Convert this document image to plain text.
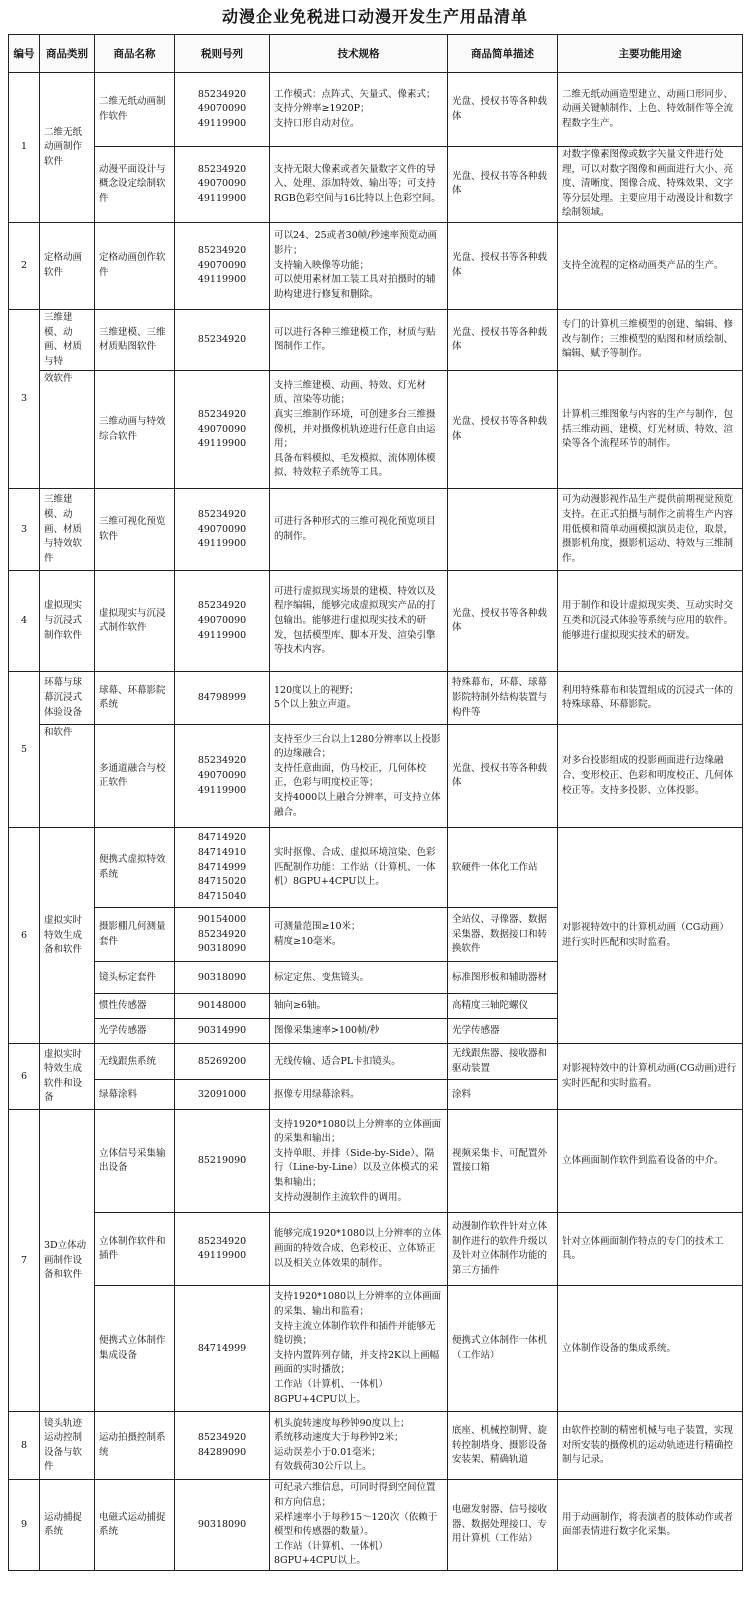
动漫企业免税进口动漫开发生产用品清单
编号	商品类别	商品名称	税则号列	技术规格	商品简单描述	主要功能用途
1	二维无纸动画制作软件	二维无纸动画制作软件	85234920
49070090
49119900	工作模式：点阵式、矢量式、像素式；
支持分辨率≥1920P；
支持口形自动对位。	光盘、授权书等各种载体	二维无纸动画造型建立、动画口形同步、动画关键帧制作、上色、特效制作等全流程数字生产。
		动漫平面设计与概念设定绘制软件	85234920
49070090
49119900	支持无限大像素或者矢量数字文件的导入、处理、添加特效、输出等；可支持RGB色彩空间与16比特以上色彩空间。	光盘、授权书等各种载体	对数字像素图像或数字矢量文件进行处理，可以对数字图像和画面进行大小、亮度、清晰度、图像合成、特殊效果、文字等分层处理。主要应用于动漫设计和数字绘制领域。
2	定格动画软件	定格动画创作软件	85234920
49070090
49119900	可以24、25或者30帧/秒速率预览动画影片；
支持输入映像等功能；
可以使用素材加工装工具对拍摄时的辅助构建进行修复和删除。	光盘、授权书等各种载体	支持全流程的定格动画类产品的生产。
3	三维建模、动画、材质与特	三维建模、三维材质贴图软件	85234920	可以进行各种三维建模工作，材质与贴图制作工作。	光盘、授权书等各种载体	专门的计算机三维模型的创建、编辑、修改与制作；三维模型的贴图和材质绘制、编辑、赋予等制作。
	效软件	三维动画与特效综合软件	85234920
49070090
49119900	支持三维建模、动画、特效、灯光材质、渲染等功能；
真实三维制作环境，可创建多台三维摄像机，并对摄像机轨迹进行任意自由运用；
具备布料模拟、毛发模拟、流体刚体模拟、特效粒子系统等工具。	光盘、授权书等各种载体	计算机三维图象与内容的生产与制作，包括三维动画、建模、灯光材质、特效、渲染等各个流程环节的制作。
3	三维建模、动画、材质与特效软件	三维可视化预览软件	85234920
49070090
49119900	可进行各种形式的三维可视化预览项目的制作。		可为动漫影视作品生产提供前期视觉预览支持。在正式拍摄与制作之前将生产内容用低模和简单动画模拟演员走位，取景，摄影机角度，摄影机运动、特效与三维制作。
4	虚拟现实与沉浸式制作软件	虚拟现实与沉浸式制作软件	85234920
49070090
49119900	可进行虚拟现实场景的建模、特效以及程序编辑，能够完成虚拟现实产品的打包输出。能够进行虚拟现实技术的研发，包括模型库、脚本开发、渲染引擎等技术内容。	光盘、授权书等各种载体	用于制作和设计虚拟现实类、互动实时交互类和沉浸式体验等系统与应用的软件。能够进行虚拟现实技术的研发。
5	环幕与球幕沉浸式体验设备	球幕、环幕影院系统	84798999	120度以上的视野；
5个以上独立声道。	特殊幕布，环幕、球幕影院特制外结构装置与构件等	利用特殊幕布和装置组成的沉浸式一体的特殊球幕、环幕影院。
	和软件	多通道融合与校正软件	85234920
49070090
49119900	支持至少三台以上1280分辨率以上投影的边缘融合；
支持任意曲面，伪马校正，几何体校正，色彩与明度校正等；
支持4000以上融合分辨率，可支持立体融合。	光盘、授权书等各种载体	对多台投影组成的投影画面进行边缘融合、变形校正、色彩和明度校正、几何体校正等。支持多投影、立体投影。
6	虚拟实时特效生成备和软件	便携式虚拟特效系统	84714920
84714910
84714999
84715020
84715040	实时抠像、合成、虚拟环境渲染、色彩匹配制作功能：工作站（计算机、一体机）8GPU+4CPU以上。	软硬件一体化工作站	对影视特效中的计算机动画（CG动画）进行实时匹配和实时监看。
		摄影棚几何测量套件	90154000
85234920
90318090	可测量范围≥10米；
精度≥10毫米。	全站仪、寻像器、数据采集器、数据接口和转换软件	
		镜头标定套件	90318090	标定定焦、变焦镜头。	标准图形板和辅助器材	
		惯性传感器	90148000	轴向≥6轴。	高精度三轴陀螺仪	
		光学传感器	90314990	图像采集速率>100帧/秒	光学传感器	
6	虚拟实时特效生成软件和设备	无线跟焦系统	85269200	无线传输、适合PL卡扣镜头。	无线跟焦器、接收器和驱动装置	对影视特效中的计算机动画(CG动画)进行实时匹配和实时监看。
		绿幕涂料	32091000	抠像专用绿幕涂料。	涂料	
7	3D立体动画制作设备和软件	立体信号采集输出设备	85219090	支持1920*1080以上分辨率的立体画面的采集和输出；
支持单眼、并排（Side-by-Side）、隔行（Line-by-Line）以及立体模式的采集和输出；
支持动漫制作主流软件的调用。	视频采集卡、可配置外置接口箱	立体画面制作软件到监看设备的中介。
		立体制作软件和插件	85234920
49119900	能够完成1920*1080以上分辨率的立体画面的特效合成、色彩校正、立体矫正以及相关立体效果的制作。	动漫制作软件针对立体制作进行的软件升级以及针对立体制作功能的第三方插件	针对立体画面制作特点的专门的技术工具。
		便携式立体制作集成设备	84714999	支持1920*1080以上分辨率的立体画面的采集、输出和监看；
支持主流立体制作软件和插件并能够无缝切换；
支持内置阵列存储，并支持2K以上画幅画面的实时播放；
工作站（计算机、一体机）8GPU+4CPU以上。	便携式立体制作一体机（工作站）	立体制作设备的集成系统。
8	镜头轨迹运动控制设备与软件	运动拍摄控制系统	85234920
84289090	机头旋转速度每秒钟90度以上；
系统移动速度大于每秒钟2米；
运动误差小于0.01毫米；
有效载荷30公斤以上。	底座、机械控制臂、旋转控制塔身、摄影设备安装架、精确轨道	由软件控制的精密机械与电子装置，实现对所安装的摄像机的运动轨迹进行精确控制与记录。
9	运动捕捉系统	电磁式运动捕捉系统	90318090	可纪录六维信息，可同时得到空间位置和方向信息；
采样速率小于每秒15～120次（依赖于模型和传感器的数量）。
工作站（计算机、一体机）8GPU+4CPU以上。	电磁发射器、信号接收器、数据处理接口、专用计算机（工作站）	用于动画制作，将表演者的肢体动作或者面部表情进行数字化采集。
